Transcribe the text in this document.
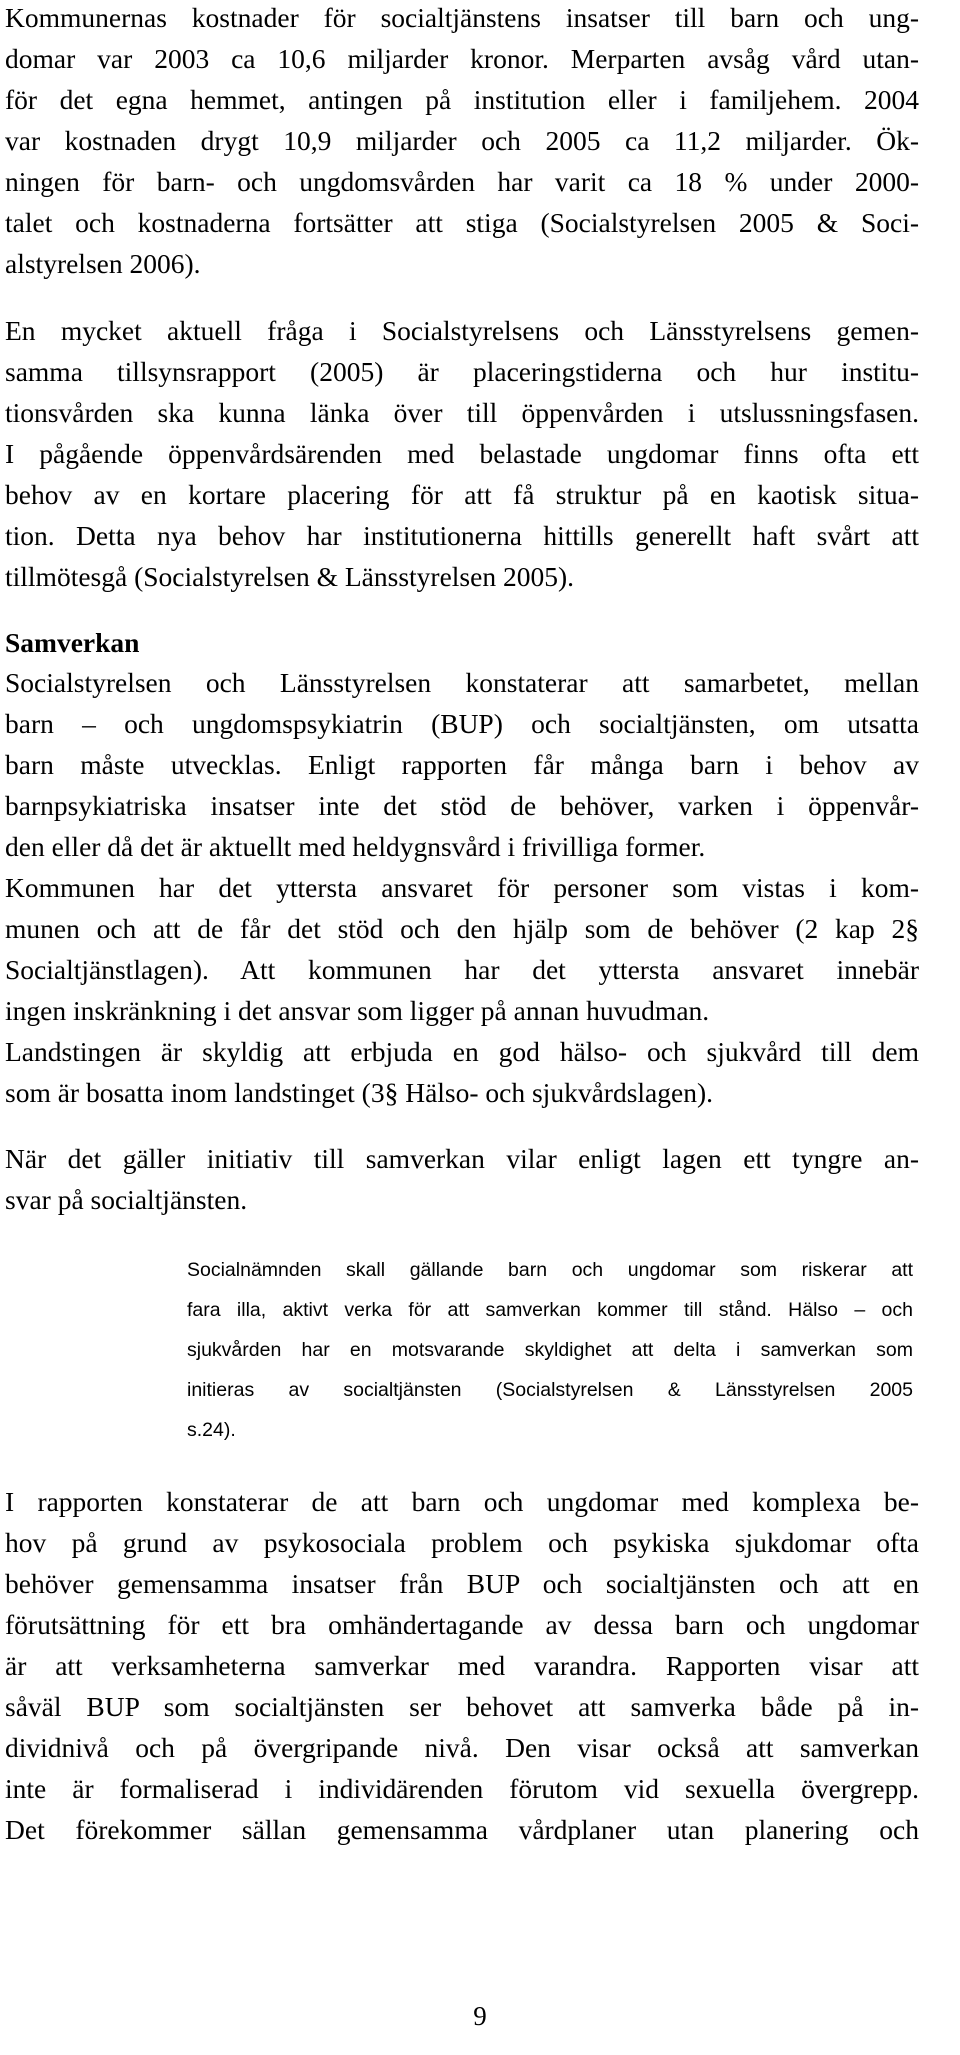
Kommunernas kostnader för socialtjänstens insatser till barn och ung-
domar var 2003 ca 10,6 miljarder kronor. Merparten avsåg vård utan-
för det egna hemmet, antingen på institution eller i familjehem. 2004
var kostnaden drygt 10,9 miljarder och 2005 ca 11,2 miljarder. Ök-
ningen för barn- och ungdomsvården har varit ca 18 % under 2000-
talet och kostnaderna fortsätter att stiga (Socialstyrelsen 2005 & Soci-
alstyrelsen 2006).
En mycket aktuell fråga i Socialstyrelsens och Länsstyrelsens gemen-
samma tillsynsrapport (2005) är placeringstiderna och hur institu-
tionsvården ska kunna länka över till öppenvården i utslussningsfasen.
I pågående öppenvårdsärenden med belastade ungdomar finns ofta ett
behov av en kortare placering för att få struktur på en kaotisk situa-
tion. Detta nya behov har institutionerna hittills generellt haft svårt att
tillmötesgå (Socialstyrelsen & Länsstyrelsen 2005).
Samverkan
Socialstyrelsen och Länsstyrelsen konstaterar att samarbetet, mellan
barn – och ungdomspsykiatrin (BUP) och socialtjänsten, om utsatta
barn måste utvecklas. Enligt rapporten får många barn i behov av
barnpsykiatriska insatser inte det stöd de behöver, varken i öppenvår-
den eller då det är aktuellt med heldygnsvård i frivilliga former.
Kommunen har det yttersta ansvaret för personer som vistas i kom-
munen och att de får det stöd och den hjälp som de behöver (2 kap 2§
Socialtjänstlagen). Att kommunen har det yttersta ansvaret innebär
ingen inskränkning i det ansvar som ligger på annan huvudman.
Landstingen är skyldig att erbjuda en god hälso- och sjukvård till dem
som är bosatta inom landstinget (3§ Hälso- och sjukvårdslagen).
När det gäller initiativ till samverkan vilar enligt lagen ett tyngre an-
svar på socialtjänsten.
Socialnämnden skall gällande barn och ungdomar som riskerar att
fara illa, aktivt verka för att samverkan kommer till stånd. Hälso – och
sjukvården har en motsvarande skyldighet att delta i samverkan som
initieras av socialtjänsten (Socialstyrelsen & Länsstyrelsen 2005
s.24).
I rapporten konstaterar de att barn och ungdomar med komplexa be-
hov på grund av psykosociala problem och psykiska sjukdomar ofta
behöver gemensamma insatser från BUP och socialtjänsten och att en
förutsättning för ett bra omhändertagande av dessa barn och ungdomar
är att verksamheterna samverkar med varandra. Rapporten visar att
såväl BUP som socialtjänsten ser behovet att samverka både på in-
dividnivå och på övergripande nivå. Den visar också att samverkan
inte är formaliserad i individärenden förutom vid sexuella övergrepp.
Det förekommer sällan gemensamma vårdplaner utan planering och
9
